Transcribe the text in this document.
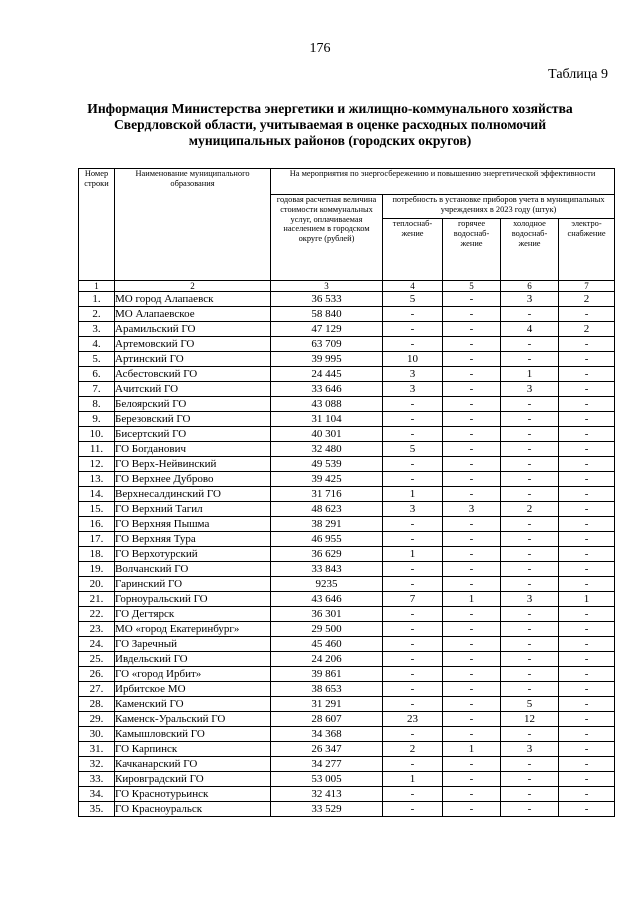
176
Таблица 9
Информация Министерства энергетики и жилищно-коммунального хозяйства Свердловской области, учитываемая в оценке расходных полномочий муниципальных районов (городских округов)
Номер строки	Наименование муниципального образования	На мероприятия по энергосбережению и повышению энергетической эффективности				
		годовая расчетная величина стоимости коммунальных услуг, оплачиваемая населением в городском округе (рублей)	потребность в установке приборов учета в муниципальных учреждениях в 2023 году (штук)			
			теплоснаб-жение	горячее водоснаб-жение	холодное водоснаб-жение	электро-снабжение
1	2	3	4	5	6	7
1.	МО город Алапаевск	36 533	5	-	3	2
2.	МО Алапаевское	58 840	-	-	-	-
3.	Арамильский ГО	47 129	-	-	4	2
4.	Артемовский ГО	63 709	-	-	-	-
5.	Артинский ГО	39 995	10	-	-	-
6.	Асбестовский ГО	24 445	3	-	1	-
7.	Ачитский ГО	33 646	3	-	3	-
8.	Белоярский ГО	43 088	-	-	-	-
9.	Березовский ГО	31 104	-	-	-	-
10.	Бисертский ГО	40 301	-	-	-	-
11.	ГО Богданович	32 480	5	-	-	-
12.	ГО Верх-Нейвинский	49 539	-	-	-	-
13.	ГО Верхнее Дуброво	39 425	-	-	-	-
14.	Верхнесалдинский ГО	31 716	1	-	-	-
15.	ГО Верхний Тагил	48 623	3	3	2	-
16.	ГО Верхняя Пышма	38 291	-	-	-	-
17.	ГО Верхняя Тура	46 955	-	-	-	-
18.	ГО Верхотурский	36 629	1	-	-	-
19.	Волчанский ГО	33 843	-	-	-	-
20.	Гаринский ГО	9235	-	-	-	-
21.	Горноуральский ГО	43 646	7	1	3	1
22.	ГО Дегтярск	36 301	-	-	-	-
23.	МО «город Екатеринбург»	29 500	-	-	-	-
24.	ГО Заречный	45 460	-	-	-	-
25.	Ивдельский ГО	24 206	-	-	-	-
26.	ГО «город Ирбит»	39 861	-	-	-	-
27.	Ирбитское МО	38 653	-	-	-	-
28.	Каменский ГО	31 291	-	-	5	-
29.	Каменск-Уральский ГО	28 607	23	-	12	-
30.	Камышловский ГО	34 368	-	-	-	-
31.	ГО Карпинск	26 347	2	1	3	-
32.	Качканарский ГО	34 277	-	-	-	-
33.	Кировградский ГО	53 005	1	-	-	-
34.	ГО Краснотурьинск	32 413	-	-	-	-
35.	ГО Красноуральск	33 529	-	-	-	-
